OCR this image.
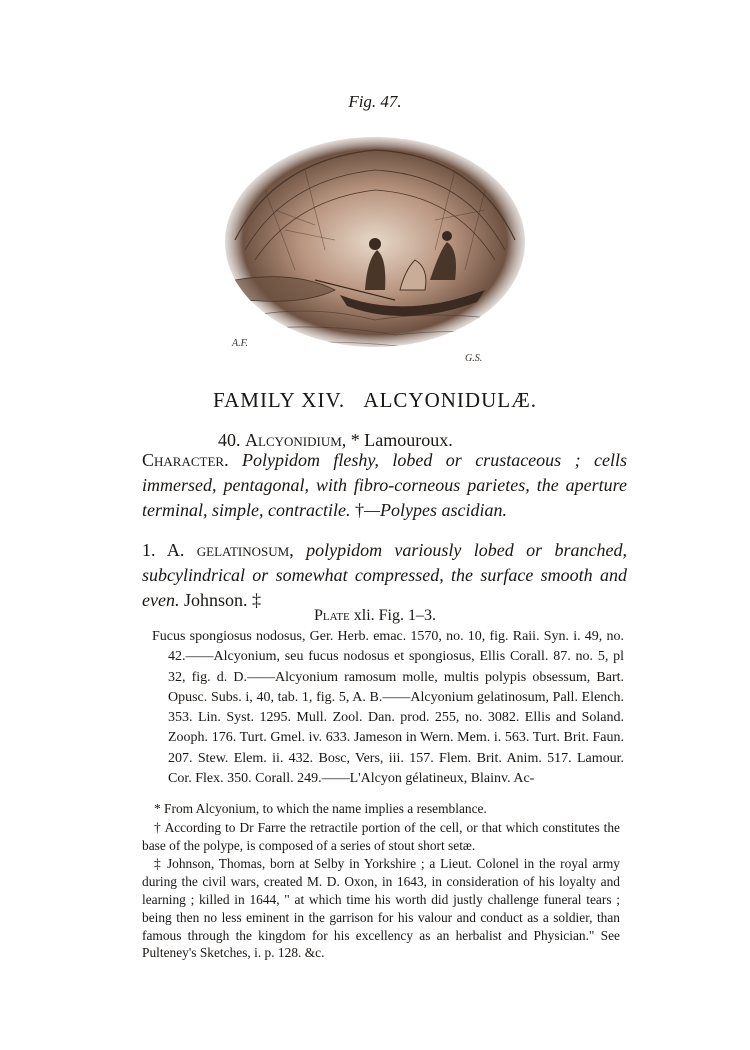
Fig. 47.
A.F.
G.S.
FAMILY XIV. ALCYONIDULÆ.
40. Alcyonidium, * Lamouroux.
Character. Polypidom fleshy, lobed or crustaceous ; cells immersed, pentagonal, with fibro-corneous parietes, the aperture terminal, simple, contractile. †—Polypes ascidian.
1. A. gelatinosum, polypidom variously lobed or branched, subcylindrical or somewhat compressed, the surface smooth and even. Johnson. ‡
Plate xli. Fig. 1–3.

Fucus spongiosus nodosus, Ger. Herb. emac. 1570, no. 10, fig. Raii. Syn. i. 49, no. 42.——Alcyonium, seu fucus nodosus et spongiosus, Ellis Corall. 87. no. 5, pl 32, fig. d. D.——Alcyonium ramosum molle, multis polypis obsessum, Bart. Opusc. Subs. i, 40, tab. 1, fig. 5, A. B.——Alcyonium gelatinosum, Pall. Elench. 353. Lin. Syst. 1295. Mull. Zool. Dan. prod. 255, no. 3082. Ellis and Soland. Zooph. 176. Turt. Gmel. iv. 633. Jameson in Wern. Mem. i. 563. Turt. Brit. Faun. 207. Stew. Elem. ii. 432. Bosc, Vers, iii. 157. Flem. Brit. Anim. 517. Lamour. Cor. Flex. 350. Corall. 249.——L'Alcyon gélatineux, Blainv. Ac-

* From Alcyonium, to which the name implies a resemblance.

† According to Dr Farre the retractile portion of the cell, or that which constitutes the base of the polype, is composed of a series of stout short setæ.

‡ Johnson, Thomas, born at Selby in Yorkshire ; a Lieut. Colonel in the royal army during the civil wars, created M. D. Oxon, in 1643, in consideration of his loyalty and learning ; killed in 1644, " at which time his worth did justly challenge funeral tears ; being then no less eminent in the garrison for his valour and conduct as a soldier, than famous through the kingdom for his excellency as an herbalist and Physician." See Pulteney's Sketches, i. p. 128. &c.
